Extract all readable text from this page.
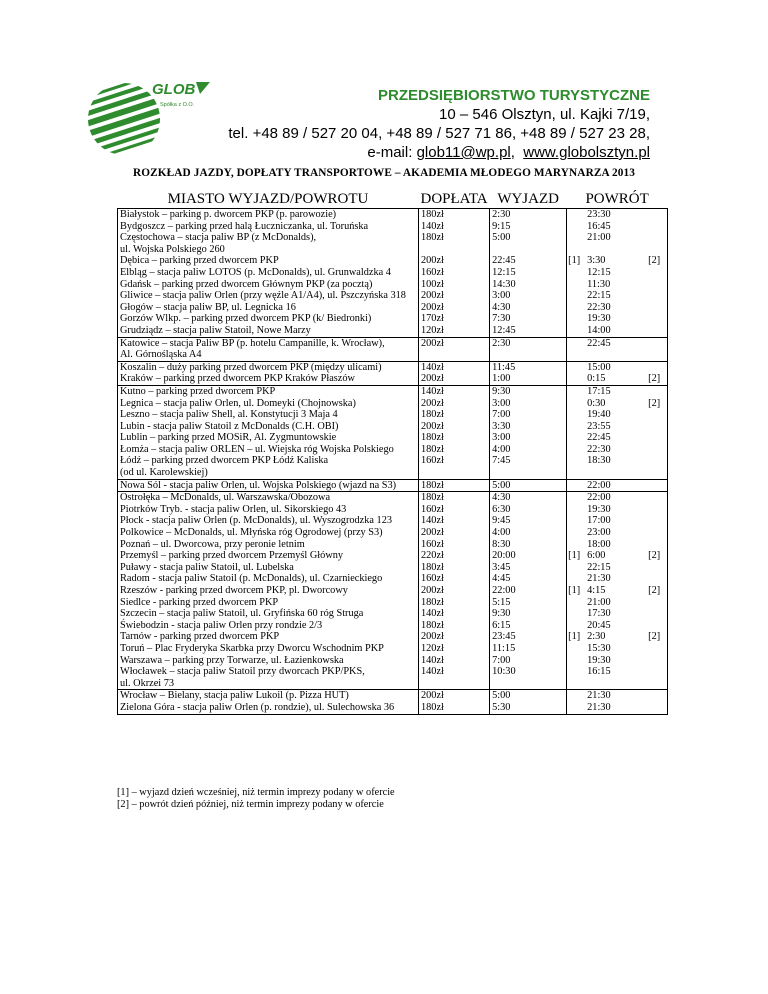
GLOB
Spółka z O.O.
PRZEDSIĘBIORSTWO TURYSTYCZNE
10 – 546 Olsztyn, ul. Kajki 7/19,
tel. +48 89 / 527 20 04, +48 89 / 527 71 86, +48 89 / 527 23 28,
e-mail: glob11@wp.pl,  www.globolsztyn.pl
ROZKŁAD JAZDY, DOPŁATY TRANSPORTOWE – AKADEMIA MŁODEGO MARYNARZA 2013
MIASTO WYJAZD/POWROTU	DOPŁATA	WYJAZD	POWRÓT		
Białystok – parking p. dworcem PKP (p. parowozie)	180zł	2:30		23:30	
Bydgoszcz – parking przed halą Łuczniczanka, ul. Toruńska	140zł	9:15		16:45	
Częstochowa – stacja paliw BP (z McDonalds),	180zł	5:00		21:00	
ul. Wojska Polskiego 260					
Dębica – parking przed dworcem PKP	200zł	22:45	[1]	3:30	[2]
Elbląg – stacja paliw LOTOS (p. McDonalds), ul. Grunwaldzka 4	160zł	12:15		12:15	
Gdańsk – parking przed dworcem Głównym PKP (za pocztą)	100zł	14:30		11:30	
Gliwice – stacja paliw Orlen (przy węźle A1/A4), ul. Pszczyńska 318	200zł	3:00		22:15	
Głogów – stacja paliw BP, ul. Legnicka 16	200zł	4:30		22:30	
Gorzów Wlkp. – parking przed dworcem PKP (k/ Biedronki)	170zł	7:30		19:30	
Grudziądz – stacja paliw Statoil, Nowe Marzy	120zł	12:45		14:00	
Katowice – stacja Paliw BP (p. hotelu Campanille, k. Wrocław),	200zł	2:30		22:45	
Al. Górnośląska A4					
Koszalin – duży parking przed dworcem PKP (między ulicami)	140zł	11:45		15:00	
Kraków – parking przed dworcem PKP Kraków Płaszów	200zł	1:00		0:15	[2]
Kutno – parking przed dworcem PKP	140zł	9:30		17:15	
Legnica – stacja paliw Orlen, ul. Domeyki (Chojnowska)	200zł	3:00		0:30	[2]
Leszno – stacja paliw Shell, al. Konstytucji 3 Maja 4	180zł	7:00		19:40	
Lubin - stacja paliw Statoil z McDonalds (C.H. OBI)	200zł	3:30		23:55	
Lublin – parking przed MOSiR, Al. Zygmuntowskie	180zł	3:00		22:45	
Łomża – stacja paliw ORLEN – ul. Wiejska róg Wojska Polskiego	180zł	4:00		22:30	
Łódź – parking przed dworcem PKP Łódź Kaliska	160zł	7:45		18:30	
(od ul. Karolewskiej)					
Nowa Sól - stacja paliw Orlen, ul. Wojska Polskiego (wjazd na S3)	180zł	5:00		22:00	
Ostrołęka – McDonalds, ul. Warszawska/Obozowa	180zł	4:30		22:00	
Piotrków Tryb. - stacja paliw Orlen, ul. Sikorskiego 43	160zł	6:30		19:30	
Płock - stacja paliw Orlen (p. McDonalds), ul. Wyszogrodzka 123	140zł	9:45		17:00	
Polkowice – McDonalds, ul. Młyńska róg Ogrodowej (przy S3)	200zł	4:00		23:00	
Poznań – ul. Dworcowa, przy peronie letnim	160zł	8:30		18:00	
Przemyśl – parking przed dworcem Przemyśl Główny	220zł	20:00	[1]	6:00	[2]
Puławy - stacja paliw Statoil, ul. Lubelska	180zł	3:45		22:15	
Radom - stacja paliw Statoil (p. McDonalds), ul. Czarnieckiego	160zł	4:45		21:30	
Rzeszów - parking przed dworcem PKP, pl. Dworcowy	200zł	22:00	[1]	4:15	[2]
Siedlce - parking przed dworcem PKP	180zł	5:15		21:00	
Szczecin – stacja paliw Statoil, ul. Gryfińska 60 róg Struga	140zł	9:30		17:30	
Świebodzin - stacja paliw Orlen przy rondzie 2/3	180zł	6:15		20:45	
Tarnów - parking przed dworcem PKP	200zł	23:45	[1]	2:30	[2]
Toruń – Plac Fryderyka Skarbka przy Dworcu Wschodnim PKP	120zł	11:15		15:30	
Warszawa – parking przy Torwarze, ul. Łazienkowska	140zł	7:00		19:30	
Włocławek – stacja paliw Statoil przy dworcach PKP/PKS,	140zł	10:30		16:15	
ul. Okrzei 73					
Wrocław – Bielany, stacja paliw Lukoil (p. Pizza HUT)	200zł	5:00		21:30	
Zielona Góra - stacja paliw Orlen (p. rondzie), ul. Sulechowska 36	180zł	5:30		21:30	
[1] – wyjazd dzień wcześniej, niż termin imprezy podany w ofercie
[2] – powrót dzień później, niż termin imprezy podany w ofercie
